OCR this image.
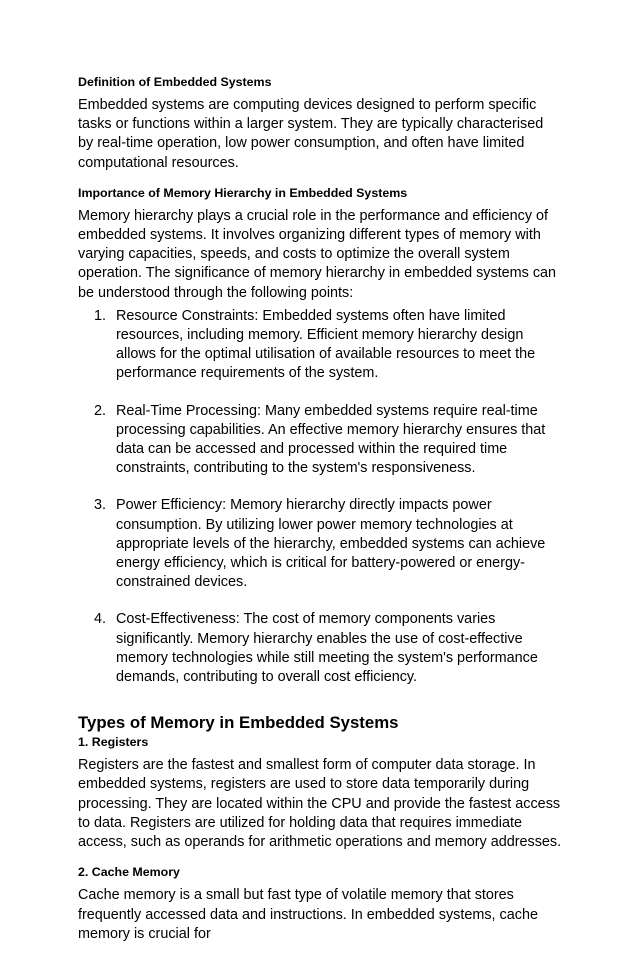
Definition of Embedded Systems

Embedded systems are computing devices designed to perform specific tasks or functions within a larger system. They are typically characterised by real-time operation, low power consumption, and often have limited computational resources.

Importance of Memory Hierarchy in Embedded Systems

Memory hierarchy plays a crucial role in the performance and efficiency of embedded systems. It involves organizing different types of memory with varying capacities, speeds, and costs to optimize the overall system operation. The significance of memory hierarchy in embedded systems can be understood through the following points:

1. Resource Constraints: Embedded systems often have limited resources, including memory. Efficient memory hierarchy design allows for the optimal utilisation of available resources to meet the performance requirements of the system.
2. Real-Time Processing: Many embedded systems require real-time processing capabilities. An effective memory hierarchy ensures that data can be accessed and processed within the required time constraints, contributing to the system's responsiveness.
3. Power Efficiency: Memory hierarchy directly impacts power consumption. By utilizing lower power memory technologies at appropriate levels of the hierarchy, embedded systems can achieve energy efficiency, which is critical for battery-powered or energy-constrained devices.
4. Cost-Effectiveness: The cost of memory components varies significantly. Memory hierarchy enables the use of cost-effective memory technologies while still meeting the system's performance demands, contributing to overall cost efficiency.
Types of Memory in Embedded Systems
1. Registers

Registers are the fastest and smallest form of computer data storage. In embedded systems, registers are used to store data temporarily during processing. They are located within the CPU and provide the fastest access to data. Registers are utilized for holding data that requires immediate access, such as operands for arithmetic operations and memory addresses.

2. Cache Memory

Cache memory is a small but fast type of volatile memory that stores frequently accessed data and instructions. In embedded systems, cache memory is crucial for
